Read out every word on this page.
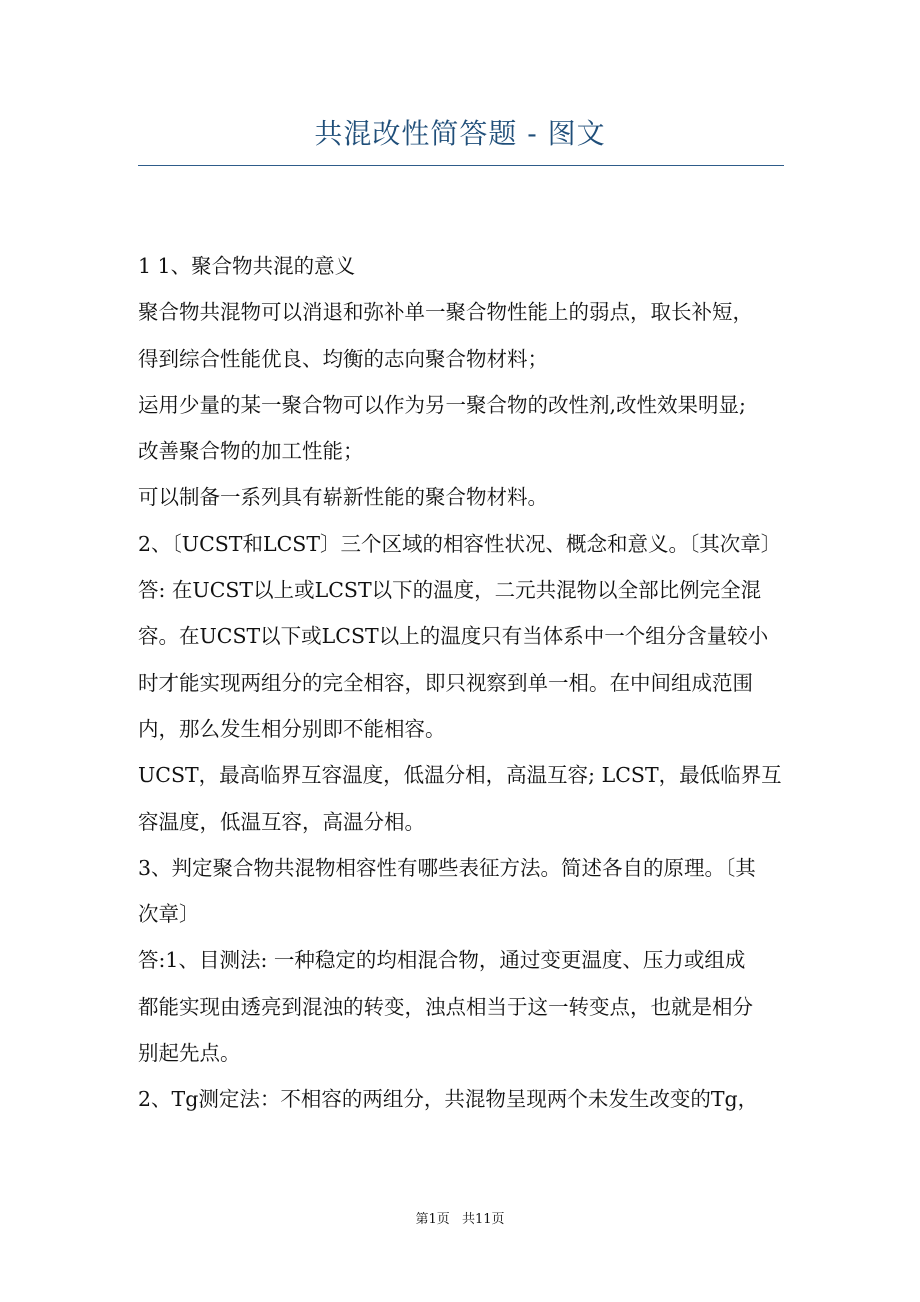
共混改性简答题 - 图文
1 1、聚合物共混的意义
聚合物共混物可以消退和弥补单一聚合物性能上的弱点，取长补短，
得到综合性能优良、均衡的志向聚合物材料；
运用少量的某一聚合物可以作为另一聚合物的改性剂,改性效果明显;
改善聚合物的加工性能；
可以制备一系列具有崭新性能的聚合物材料。
2、〔UCST和LCST〕三个区域的相容性状况、概念和意义。〔其次章〕
答: 在UCST以上或LCST以下的温度，二元共混物以全部比例完全混
容。在UCST以下或LCST以上的温度只有当体系中一个组分含量较小
时才能实现两组分的完全相容，即只视察到单一相。在中间组成范围
内，那么发生相分别即不能相容。
UCST，最高临界互容温度，低温分相，高温互容; LCST，最低临界互
容温度，低温互容，高温分相。
3、判定聚合物共混物相容性有哪些表征方法。简述各自的原理。〔其
次章〕
答:1、目测法: 一种稳定的均相混合物，通过变更温度、压力或组成
都能实现由透亮到混浊的转变，浊点相当于这一转变点，也就是相分
别起先点。
2、Tg测定法：不相容的两组分，共混物呈现两个未发生改变的Tg，
第1页 共11页
